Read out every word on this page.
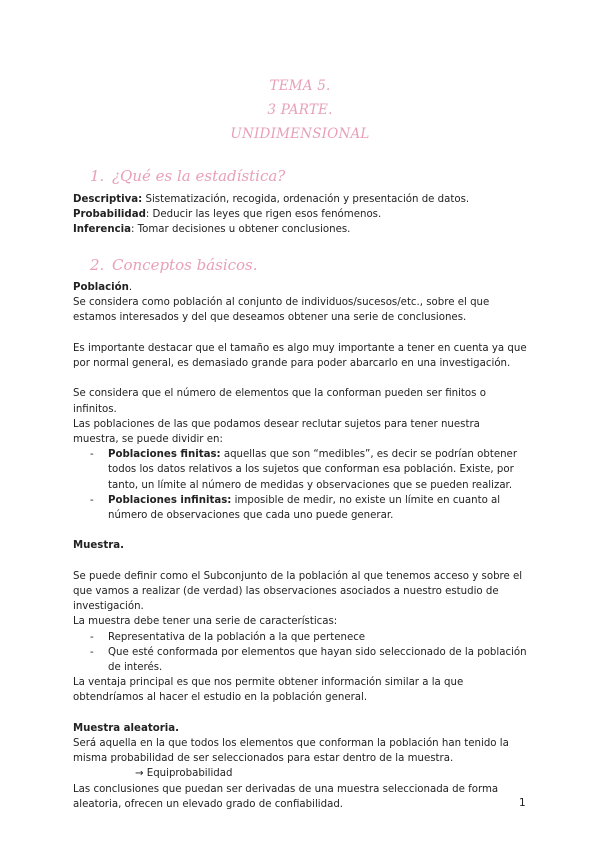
TEMA 5.
3 PARTE.
UNIDIMENSIONAL
1. ¿Qué es la estadística?

Descriptiva: Sistematización, recogida, ordenación y presentación de datos.

Probabilidad: Deducir las leyes que rigen esos fenómenos.

Inferencia: Tomar decisiones u obtener conclusiones.

2. Conceptos básicos.

Población.

Se considera como población al conjunto de individuos/sucesos/etc., sobre el que estamos interesados y del que deseamos obtener una serie de conclusiones.

Es importante destacar que el tamaño es algo muy importante a tener en cuenta ya que por normal general, es demasiado grande para poder abarcarlo en una investigación.

Se considera que el número de elementos que la conforman pueden ser finitos o infinitos.

Las poblaciones de las que podamos desear reclutar sujetos para tener nuestra muestra, se puede dividir en:

- Poblaciones finitas: aquellas que son “medibles”, es decir se podrían obtener todos los datos relativos a los sujetos que conforman esa población. Existe, por tanto, un límite al número de medidas y observaciones que se pueden realizar.
- Poblaciones infinitas: imposible de medir, no existe un límite en cuanto al número de observaciones que cada uno puede generar.

Muestra.

Se puede definir como el Subconjunto de la población al que tenemos acceso y sobre el que vamos a realizar (de verdad) las observaciones asociados a nuestro estudio de investigación.

La muestra debe tener una serie de características:

- Representativa de la población a la que pertenece
- Que esté conformada por elementos que hayan sido seleccionado de la población de interés.

La ventaja principal es que nos permite obtener información similar a la que obtendríamos al hacer el estudio en la población general.

Muestra aleatoria.

Será aquella en la que todos los elementos que conforman la población han tenido la misma probabilidad de ser seleccionados para estar dentro de la muestra.

→ Equiprobabilidad

Las conclusiones que puedan ser derivadas de una muestra seleccionada de forma aleatoria, ofrecen un elevado grado de confiabilidad.	1
